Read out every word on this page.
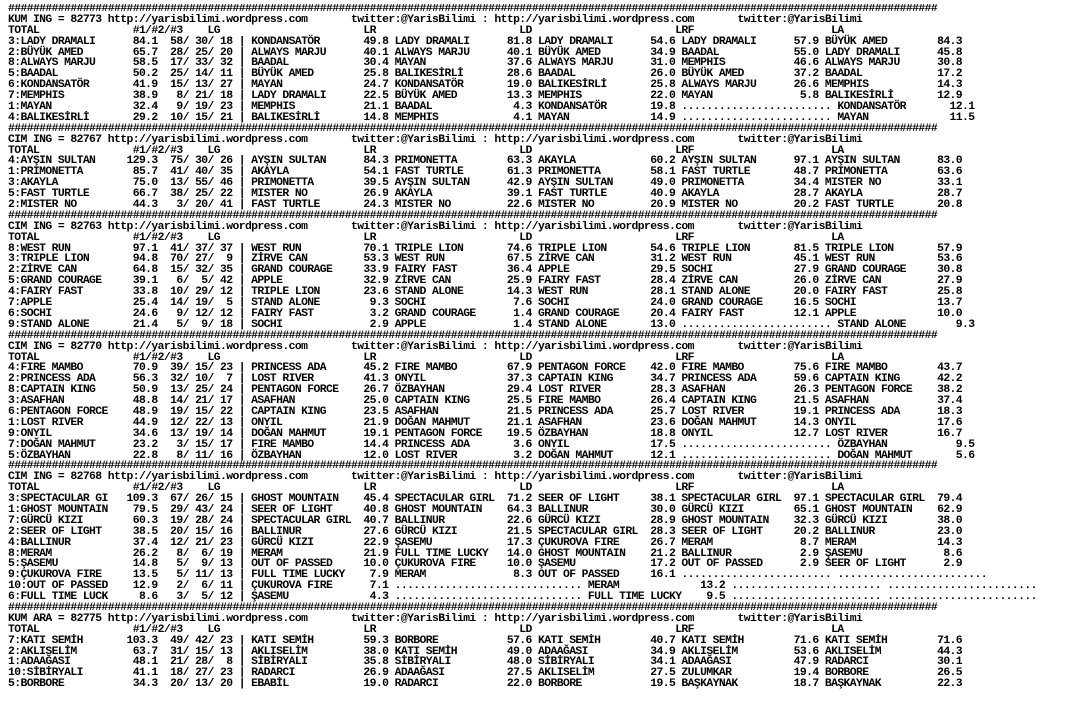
#####################################################################################################################################################
KUM ING = 82773 http://yarisbilimi.wordpress.com       twitter:@YarisBilimi : http://yarisbilimi.wordpress.com       twitter:@YarisBilimi
TOTAL               #1/#2/#3    LG                       LR                       LD                       LRF                      LA
3:LADY DRAMALI      84.1  58/ 30/ 18 | KONDANSATÖR       49.8 LADY DRAMALI      81.8 LADY DRAMALI      54.6 LADY DRAMALI      57.9 BÜYÜK AMED        84.3
2:BÜYÜK AMED        65.7  28/ 25/ 20 | ALWAYS MARJU      40.1 ALWAYS MARJU      40.1 BÜYÜK AMED        34.9 BAADAL            55.0 LADY DRAMALI      45.8
8:ALWAYS MARJU      58.5  17/ 33/ 32 | BAADAL            30.4 MAYAN             37.6 ALWAYS MARJU      31.0 MEMPHIS           46.6 ALWAYS MARJU      30.8
5:BAADAL            50.2  25/ 14/ 11 | BÜYÜK AMED        25.8 BALIKESİRLİ       28.6 BAADAL            26.0 BÜYÜK AMED        37.2 BAADAL            17.2
6:KONDANSATÖR       41.9  15/ 13/ 27 | MAYAN             24.7 KONDANSATÖR       19.0 BALIKESİRLİ       25.8 ALWAYS MARJU      26.6 MEMPHIS           14.3
7:MEMPHIS           38.9   8/ 21/ 18 | LADY DRAMALI      22.5 BÜYÜK AMED        13.3 MEMPHIS           22.0 MAYAN              5.8 BALIKESİRLİ       12.9
1:MAYAN             32.4   9/ 19/ 23 | MEMPHIS           21.1 BAADAL             4.3 KONDANSATÖR       19.8 ........................ KONDANSATÖR       12.1
4:BALIKESİRLİ       29.2  10/ 15/ 21 | BALIKESİRLİ       14.8 MEMPHIS            4.1 MAYAN             14.9 ........................ MAYAN             11.5
#####################################################################################################################################################
CIM ING = 82767 http://yarisbilimi.wordpress.com       twitter:@YarisBilimi : http://yarisbilimi.wordpress.com       twitter:@YarisBilimi
TOTAL               #1/#2/#3    LG                       LR                       LD                       LRF                      LA
4:AYŞIN SULTAN     129.3  75/ 30/ 26 | AYŞIN SULTAN      84.3 PRIMONETTA        63.3 AKAYLA            60.2 AYŞIN SULTAN      97.1 AYŞIN SULTAN      83.0
1:PRIMONETTA        85.7  41/ 40/ 35 | AKAYLA            54.1 FAST TURTLE       61.3 PRIMONETTA        58.1 FAST TURTLE       48.7 PRIMONETTA        63.6
3:AKAYLA            75.0  13/ 55/ 46 | PRIMONETTA        39.5 AYŞIN SULTAN      42.9 AYŞIN SULTAN      49.0 PRIMONETTA        34.4 MISTER NO         33.1
5:FAST TURTLE       66.7  38/ 25/ 22 | MISTER NO         26.9 AKAYLA            39.1 FAST TURTLE       40.9 AKAYLA            28.7 AKAYLA            28.7
2:MISTER NO         44.3   3/ 20/ 41 | FAST TURTLE       24.3 MISTER NO         22.6 MISTER NO         20.9 MISTER NO         20.2 FAST TURTLE       20.8
#####################################################################################################################################################
CIM ING = 82763 http://yarisbilimi.wordpress.com       twitter:@YarisBilimi : http://yarisbilimi.wordpress.com       twitter:@YarisBilimi
TOTAL               #1/#2/#3    LG                       LR                       LD                       LRF                      LA
8:WEST RUN          97.1  41/ 37/ 37 | WEST RUN          70.1 TRIPLE LION       74.6 TRIPLE LION       54.6 TRIPLE LION       81.5 TRIPLE LION       57.9
3:TRIPLE LION       94.8  70/ 27/  9 | ZİRVE CAN         53.3 WEST RUN          67.5 ZİRVE CAN         31.2 WEST RUN          45.1 WEST RUN          53.6
2:ZİRVE CAN         64.8  15/ 32/ 35 | GRAND COURAGE     33.9 FAIRY FAST        36.4 APPLE             29.5 SOCHI             27.9 GRAND COURAGE     30.8
5:GRAND COURAGE     39.1   6/  5/ 42 | APPLE             32.9 ZİRVE CAN         25.9 FAIRY FAST        28.4 ZİRVE CAN         26.0 ZİRVE CAN         27.9
4:FAIRY FAST        33.8  10/ 29/ 12 | TRIPLE LION       23.6 STAND ALONE       14.3 WEST RUN          28.1 STAND ALONE       20.0 FAIRY FAST        25.8
7:APPLE             25.4  14/ 19/  5 | STAND ALONE        9.3 SOCHI              7.6 SOCHI             24.0 GRAND COURAGE     16.5 SOCHI             13.7
6:SOCHI             24.6   9/ 12/ 12 | FAIRY FAST         3.2 GRAND COURAGE      1.4 GRAND COURAGE     20.4 FAIRY FAST        12.1 APPLE             10.0
9:STAND ALONE       21.4   5/  9/ 18 | SOCHI              2.9 APPLE              1.4 STAND ALONE       13.0 ........................ STAND ALONE        9.3
#####################################################################################################################################################
CIM ING = 82770 http://yarisbilimi.wordpress.com       twitter:@YarisBilimi : http://yarisbilimi.wordpress.com       twitter:@YarisBilimi
TOTAL               #1/#2/#3    LG                       LR                       LD                       LRF                      LA
4:FIRE MAMBO        70.9  39/ 15/ 23 | PRINCESS ADA      45.2 FIRE MAMBO        67.9 PENTAGON FORCE    42.0 FIRE MAMBO        75.6 FIRE MAMBO        43.7
2:PRINCESS ADA      56.3  32/ 10/  7 | LOST RIVER        41.3 ONYIL             37.3 CAPTAIN KING      34.7 PRINCESS ADA      59.6 CAPTAIN KING      42.2
8:CAPTAIN KING      50.9  13/ 25/ 24 | PENTAGON FORCE    26.7 ÖZBAYHAN          29.4 LOST RIVER        28.3 ASAFHAN           26.3 PENTAGON FORCE    38.2
3:ASAFHAN           48.8  14/ 21/ 17 | ASAFHAN           25.0 CAPTAIN KING      25.5 FIRE MAMBO        26.4 CAPTAIN KING      21.5 ASAFHAN           37.4
6:PENTAGON FORCE    48.9  19/ 15/ 22 | CAPTAIN KING      23.5 ASAFHAN           21.5 PRINCESS ADA      25.7 LOST RIVER        19.1 PRINCESS ADA      18.3
1:LOST RIVER        44.9  12/ 22/ 13 | ONYIL             21.9 DOĞAN MAHMUT      21.1 ASAFHAN           23.6 DOĞAN MAHMUT      14.3 ONYIL             17.6
9:ONYIL             34.6  13/ 19/ 14 | DOĞAN MAHMUT      19.1 PENTAGON FORCE    19.5 ÖZBAYHAN          18.8 ONYIL             12.7 LOST RIVER        16.7
7:DOĞAN MAHMUT      23.2   3/ 15/ 17 | FIRE MAMBO        14.4 PRINCESS ADA       3.6 ONYIL             17.5 ........................ ÖZBAYHAN           9.5
5:ÖZBAYHAN          22.8   8/ 11/ 16 | ÖZBAYHAN          12.0 LOST RIVER         3.2 DOĞAN MAHMUT      12.1 ........................ DOĞAN MAHMUT       5.6
#####################################################################################################################################################
CIM ING = 82768 http://yarisbilimi.wordpress.com       twitter:@YarisBilimi : http://yarisbilimi.wordpress.com       twitter:@YarisBilimi
TOTAL               #1/#2/#3    LG                       LR                       LD                       LRF                      LA
3:SPECTACULAR GI   109.3  67/ 26/ 15 | GHOST MOUNTAIN    45.4 SPECTACULAR GIRL  71.2 SEER OF LIGHT     38.1 SPECTACULAR GIRL  97.1 SPECTACULAR GIRL  79.4
1:GHOST MOUNTAIN    79.5  29/ 43/ 24 | SEER OF LIGHT     40.8 GHOST MOUNTAIN    64.3 BALLINUR          30.0 GÜRCÜ KIZI        65.1 GHOST MOUNTAIN    62.9
7:GÜRCÜ KIZI        60.3  19/ 28/ 24 | SPECTACULAR GIRL  40.7 BALLINUR          22.6 GÜRCÜ KIZI        28.9 GHOST MOUNTAIN    32.3 GÜRCÜ KIZI        38.0
2:SEER OF LIGHT     38.5  20/ 15/ 16 | BALLINUR          27.6 GÜRCÜ KIZI        21.5 SPECTACULAR GIRL  28.3 SEER OF LIGHT     20.2 BALLINUR          23.0
4:BALLINUR          37.4  12/ 21/ 23 | GÜRCÜ KIZI        22.9 ŞASEMU            17.3 ÇUKUROVA FIRE     26.7 MERAM              8.7 MERAM             14.3
8:MERAM             26.2   8/  6/ 19 | MERAM             21.9 FULL TIME LUCKY   14.0 GHOST MOUNTAIN    21.2 BALLINUR           2.9 ŞASEMU             8.6
5:ŞASEMU            14.8   5/  9/ 13 | OUT OF PASSED     10.0 ÇUKUROVA FIRE     10.0 ŞASEMU            17.2 OUT OF PASSED      2.9 SEER OF LIGHT      2.9
9:ÇUKUROVA FIRE     13.5   5/ 11/ 13 | FULL TIME LUCKY    7.9 MERAM              8.3 OUT OF PASSED     16.1 ........................ ........................
10:OUT OF PASSED    12.9   2/  6/ 11 | ÇUKUROVA FIRE      7.1 .............................. MERAM             13.2 ........................ ........................
6:FULL TIME LUCK     8.6   3/  5/ 12 | ŞASEMU             4.3 .............................. FULL TIME LUCKY    9.5 ........................ ........................
#####################################################################################################################################################
KUM ARA = 82775 http://yarisbilimi.wordpress.com       twitter:@YarisBilimi : http://yarisbilimi.wordpress.com       twitter:@YarisBilimi
TOTAL               #1/#2/#3    LG                       LR                       LD                       LRF                      LA
7:KATI SEMİH       103.3  49/ 42/ 23 | KATI SEMİH        59.3 BORBORE           57.6 KATI SEMİH        40.7 KATI SEMİH        71.6 KATI SEMİH        71.6
2:AKLISELİM         63.7  31/ 15/ 13 | AKLISELİM         38.0 KATI SEMİH        49.0 ADAAĞASI          34.9 AKLISELİM         53.6 AKLISELİM         44.3
1:ADAAĞASI          48.1  21/ 28/  8 | SİBİRYALI         35.8 SİBİRYALI         48.0 SİBİRYALI         34.1 ADAAĞASI          47.9 RADARCI           30.1
10:SİBİRYALI        41.1  18/ 27/ 23 | RADARCI           26.9 ADAAĞASI          27.5 AKLISELİM         27.5 ZULUMKAR          19.4 BORBORE           26.5
5:BORBORE           34.3  20/ 13/ 20 | EBABİL            19.0 RADARCI           22.0 BORBORE           19.5 BAŞKAYNAK         18.7 BAŞKAYNAK         22.3
